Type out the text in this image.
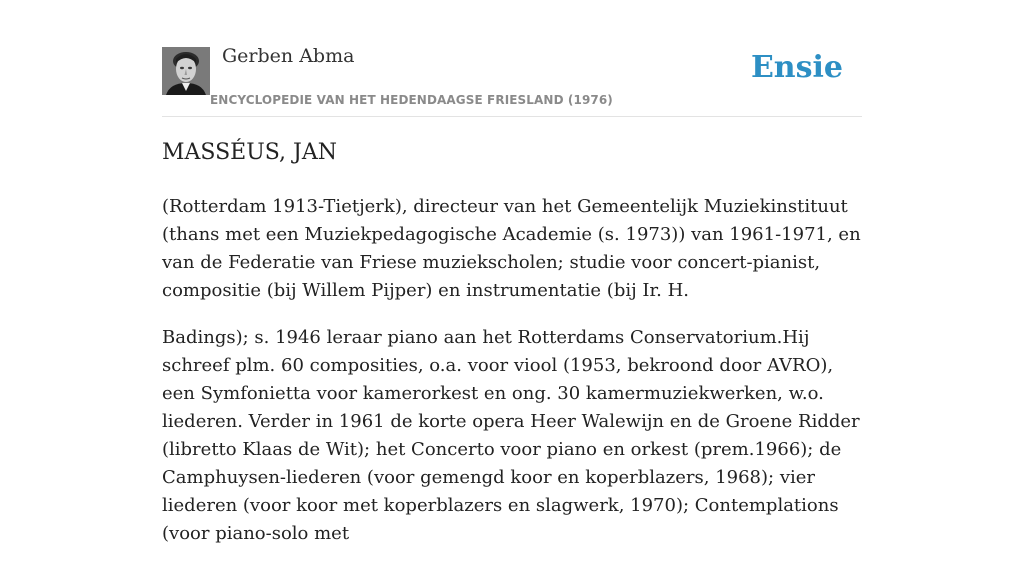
Gerben Abma
ENCYCLOPEDIE VAN HET HEDENDAAGSE FRIESLAND (1976)
Ensie
MASSÉUS, JAN

(Rotterdam 1913-Tietjerk), directeur van het Gemeentelijk Muziekinstituut (thans met een Muziekpedagogische Academie (s. 1973)) van 1961-1971, en van de Federatie van Friese muziekscholen; studie voor concert-pianist, compositie (bij Willem Pijper) en instrumentatie (bij Ir. H.

Badings); s. 1946 leraar piano aan het Rotterdams Conservatorium.Hij schreef plm. 60 composities, o.a. voor viool (1953, bekroond door AVRO), een Symfonietta voor kamerorkest en ong. 30 kamermuziekwerken, w.o. liederen. Verder in 1961 de korte opera Heer Walewijn en de Groene Ridder (libretto Klaas de Wit); het Concerto voor piano en orkest (prem.1966); de Camphuysen-liederen (voor gemengd koor en koperblazers, 1968); vier liederen (voor koor met koperblazers en slagwerk, 1970); Contemplations (voor piano-solo met
